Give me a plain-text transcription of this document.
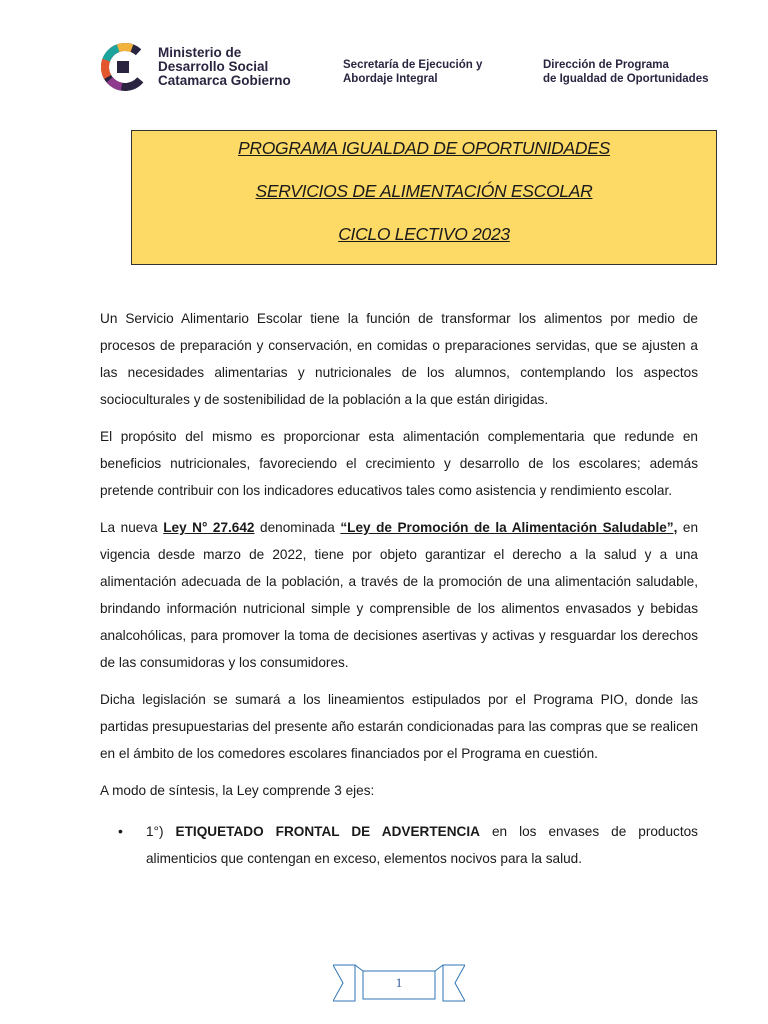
Ministerio de
Desarrollo Social
Catamarca Gobierno
Secretaría de Ejecución y
Abordaje Integral
Dirección de Programa
de Igualdad de Oportunidades
PROGRAMA IGUALDAD DE OPORTUNIDADES
SERVICIOS DE ALIMENTACIÓN ESCOLAR
CICLO LECTIVO 2023

Un Servicio Alimentario Escolar tiene la función de transformar los alimentos por medio de procesos de preparación y conservación, en comidas o preparaciones servidas, que se ajusten a las necesidades alimentarias y nutricionales de los alumnos, contemplando los aspectos socioculturales y de sostenibilidad de la población a la que están dirigidas.

El propósito del mismo es proporcionar esta alimentación complementaria que redunde en beneficios nutricionales, favoreciendo el crecimiento y desarrollo de los escolares; además pretende contribuir con los indicadores educativos tales como asistencia y rendimiento escolar.

La nueva Ley N° 27.642 denominada “Ley de Promoción de la Alimentación Saludable”, en vigencia desde marzo de 2022, tiene por objeto garantizar el derecho a la salud y a una alimentación adecuada de la población, a través de la promoción de una alimentación saludable, brindando información nutricional simple y comprensible de los alimentos envasados y bebidas analcohólicas, para promover la toma de decisiones asertivas y activas y resguardar los derechos de las consumidoras y los consumidores.

Dicha legislación se sumará a los lineamientos estipulados por el Programa PIO, donde las partidas presupuestarias del presente año estarán condicionadas para las compras que se realicen en el ámbito de los comedores escolares financiados por el Programa en cuestión.

A modo de síntesis, la Ley comprende 3 ejes:

• 1°) ETIQUETADO FRONTAL DE ADVERTENCIA en los envases de productos alimenticios que contengan en exceso, elementos nocivos para la salud.
1
